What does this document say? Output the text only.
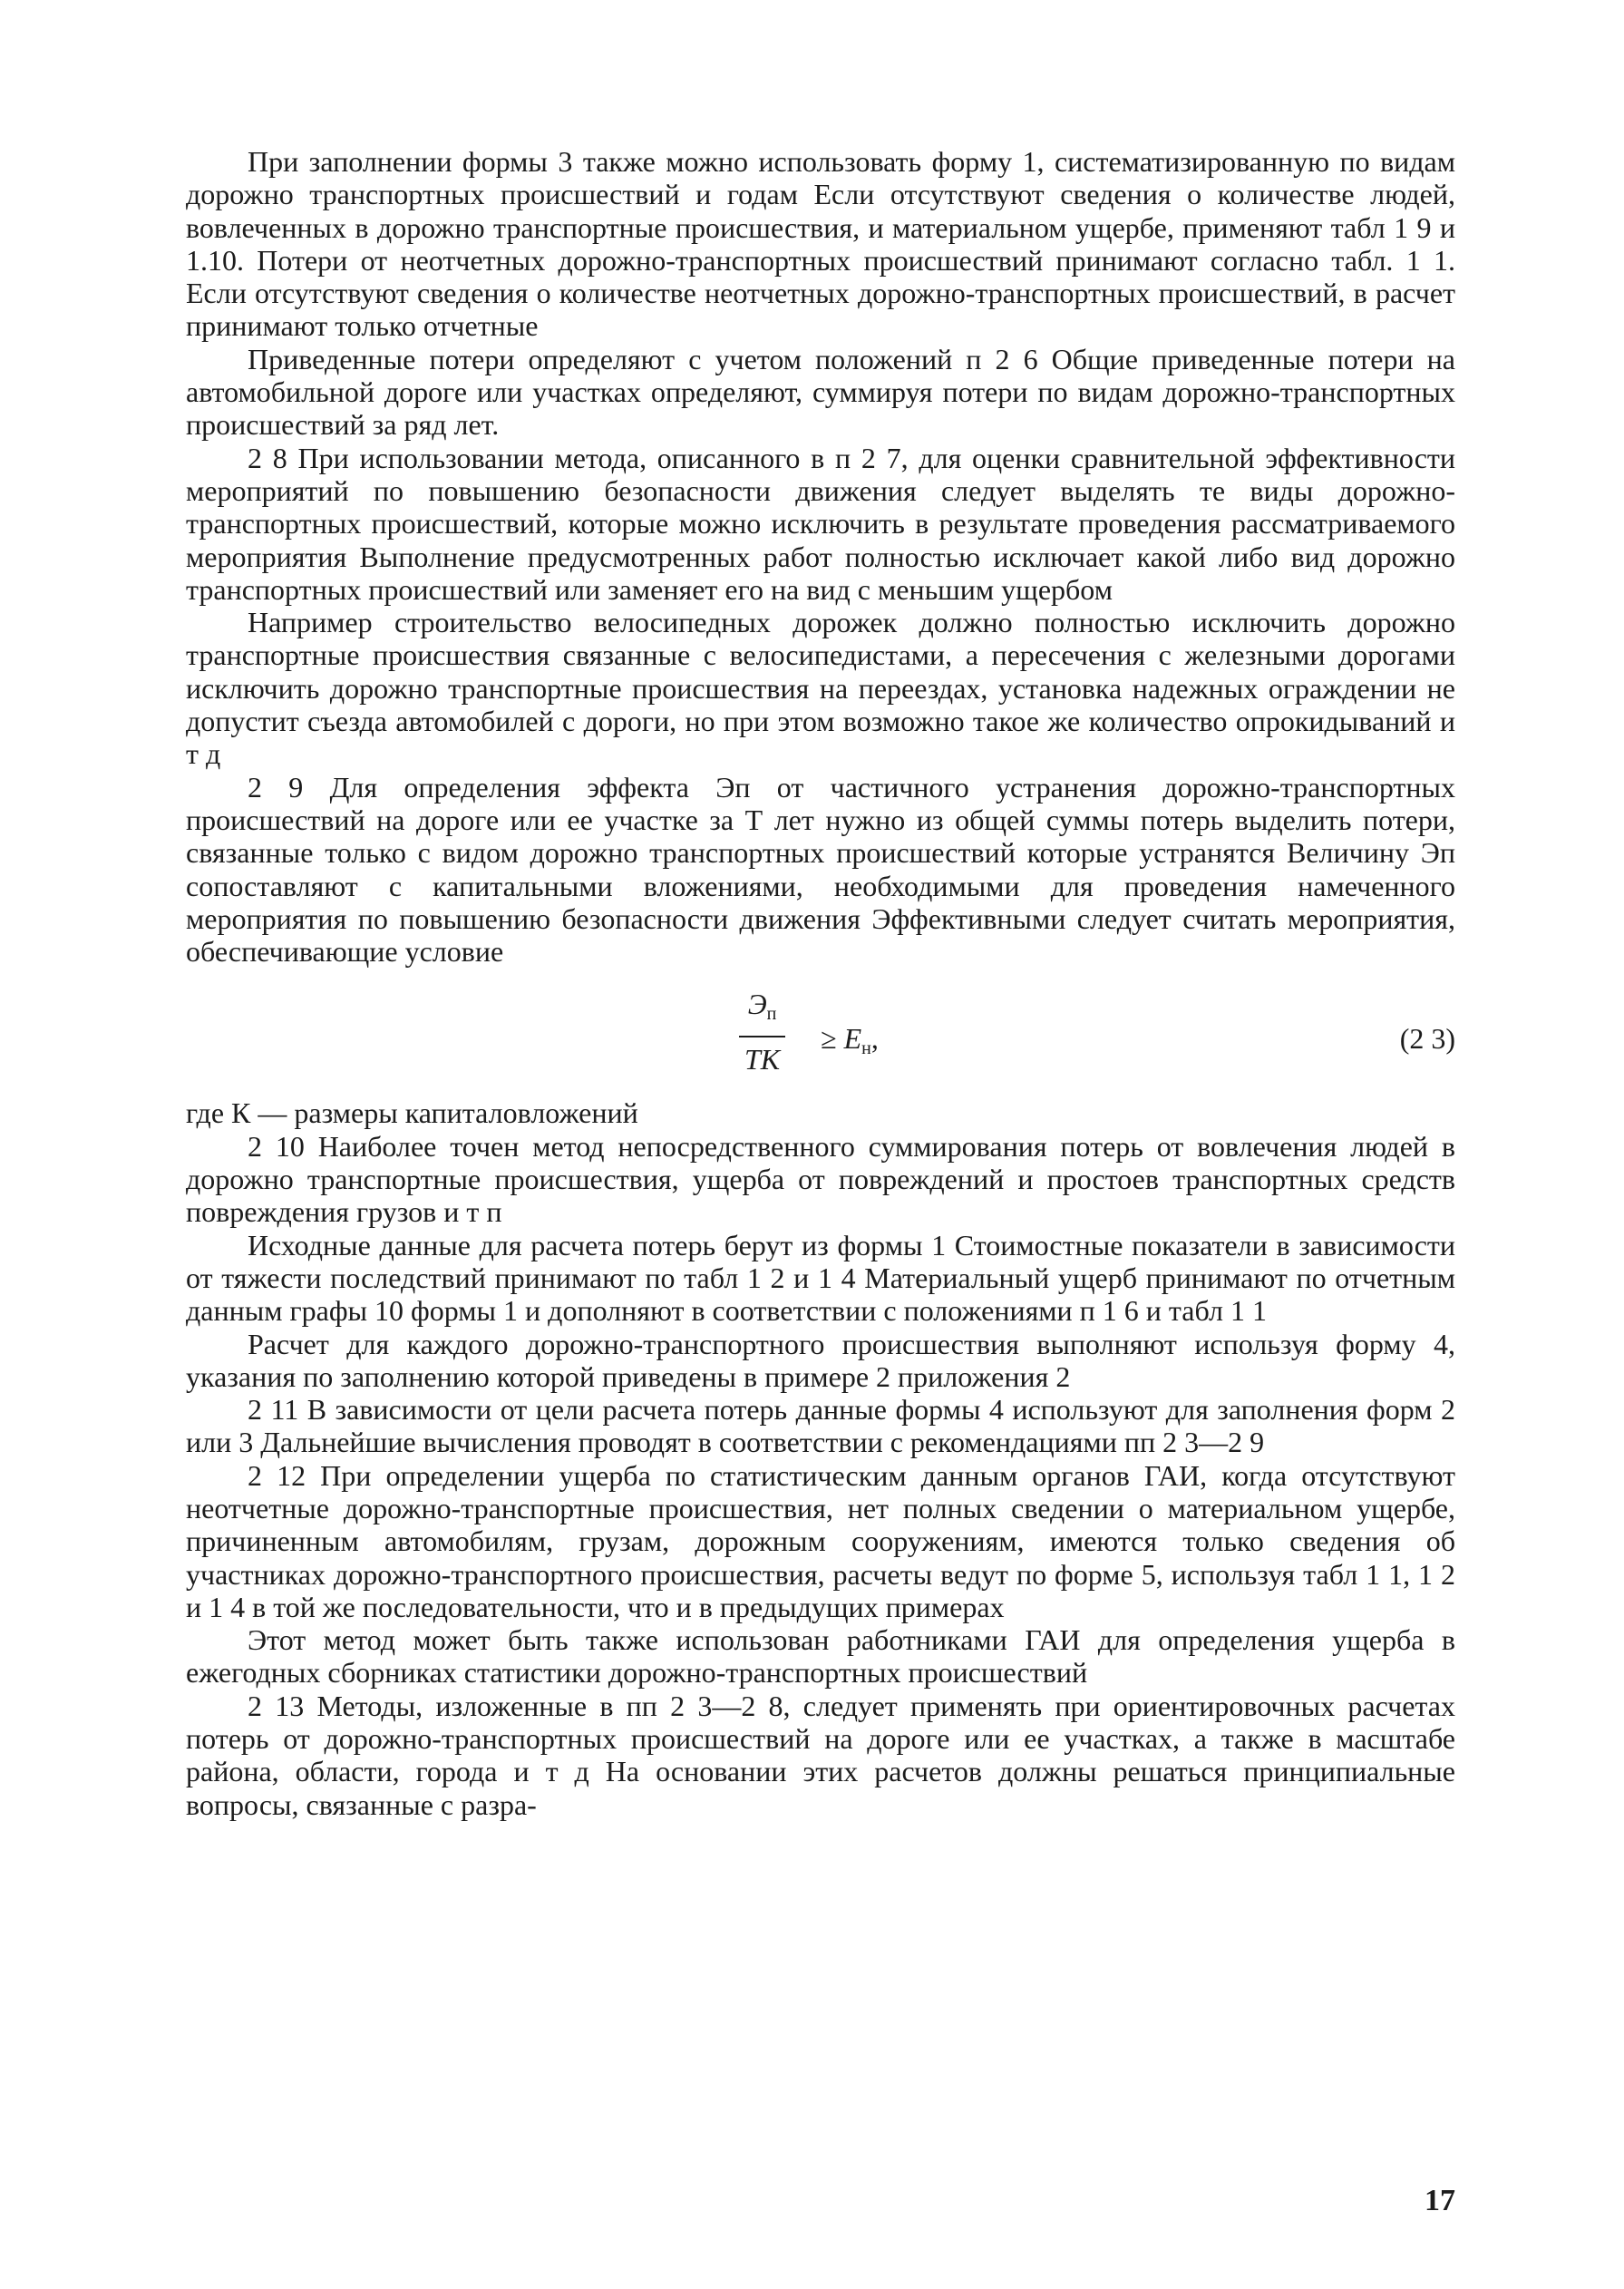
При заполнении формы 3 также можно использовать форму 1, систематизированную по видам дорожно транспортных происшествий и годам Если отсутствуют сведения о количестве людей, вовлеченных в дорожно транспортные происшествия, и материальном ущербе, применяют табл 1 9 и 1.10. Потери от неотчетных дорожно-транспортных происшествий принимают согласно табл. 1 1. Если отсутствуют сведения о количестве неотчетных дорожно-транспортных происшествий, в расчет принимают только отчетные

Приведенные потери определяют с учетом положений п 2 6 Общие приведенные потери на автомобильной дороге или участках определяют, суммируя потери по видам дорожно-транспортных происшествий за ряд лет.

2 8 При использовании метода, описанного в п 2 7, для оценки сравнительной эффективности мероприятий по повышению безопасности движения следует выделять те виды дорожно-транспортных происшествий, которые можно исключить в результате проведения рассматриваемого мероприятия Выполнение предусмотренных работ полностью исключает какой либо вид дорожно транспортных происшествий или заменяет его на вид с меньшим ущербом

Например строительство велосипедных дорожек должно полностью исключить дорожно транспортные происшествия связанные с велосипедистами, а пересечения с железными дорогами исключить дорожно транспортные происшествия на переездах, установка надежных ограждении не допустит съезда автомобилей с дороги, но при этом возможно такое же количество опрокидываний и т д

2 9 Для определения эффекта Эп от частичного устранения дорожно-транспортных происшествий на дороге или ее участке за Т лет нужно из общей суммы потерь выделить потери, связанные только с видом дорожно транспортных происшествий которые устранятся Величину Эп сопоставляют с капитальными вложениями, необходимыми для проведения намеченного мероприятия по повышению безопасности движения Эффективными следует считать мероприятия, обеспечивающие условие

$Э_п$
ТК
≥ $E_н$,	(2 3)

где К — размеры капиталовложений

2 10 Наиболее точен метод непосредственного суммирования потерь от вовлечения людей в дорожно транспортные происшествия, ущерба от повреждений и простоев транспортных средств повреждения грузов и т п

Исходные данные для расчета потерь берут из формы 1 Стоимостные показатели в зависимости от тяжести последствий принимают по табл 1 2 и 1 4 Материальный ущерб принимают по отчетным данным графы 10 формы 1 и дополняют в соответствии с положениями п 1 6 и табл 1 1

Расчет для каждого дорожно-транспортного происшествия выполняют используя форму 4, указания по заполнению которой приведены в примере 2 приложения 2

2 11 В зависимости от цели расчета потерь данные формы 4 используют для заполнения форм 2 или 3 Дальнейшие вычисления проводят в соответствии с рекомендациями пп 2 3—2 9

2 12 При определении ущерба по статистическим данным органов ГАИ, когда отсутствуют неотчетные дорожно-транспортные происшествия, нет полных сведении о материальном ущербе, причиненным автомобилям, грузам, дорожным сооружениям, имеются только сведения об участниках дорожно-транспортного происшествия, расчеты ведут по форме 5, используя табл 1 1, 1 2 и 1 4 в той же последовательности, что и в предыдущих примерах

Этот метод может быть также использован работниками ГАИ для определения ущерба в ежегодных сборниках статистики дорожно-транспортных происшествий

2 13 Методы, изложенные в пп 2 3—2 8, следует применять при ориентировочных расчетах потерь от дорожно-транспортных происшествий на дороге или ее участках, а также в масштабе района, области, города и т д На основании этих расчетов должны решаться принципиальные вопросы, связанные с разра-

17
